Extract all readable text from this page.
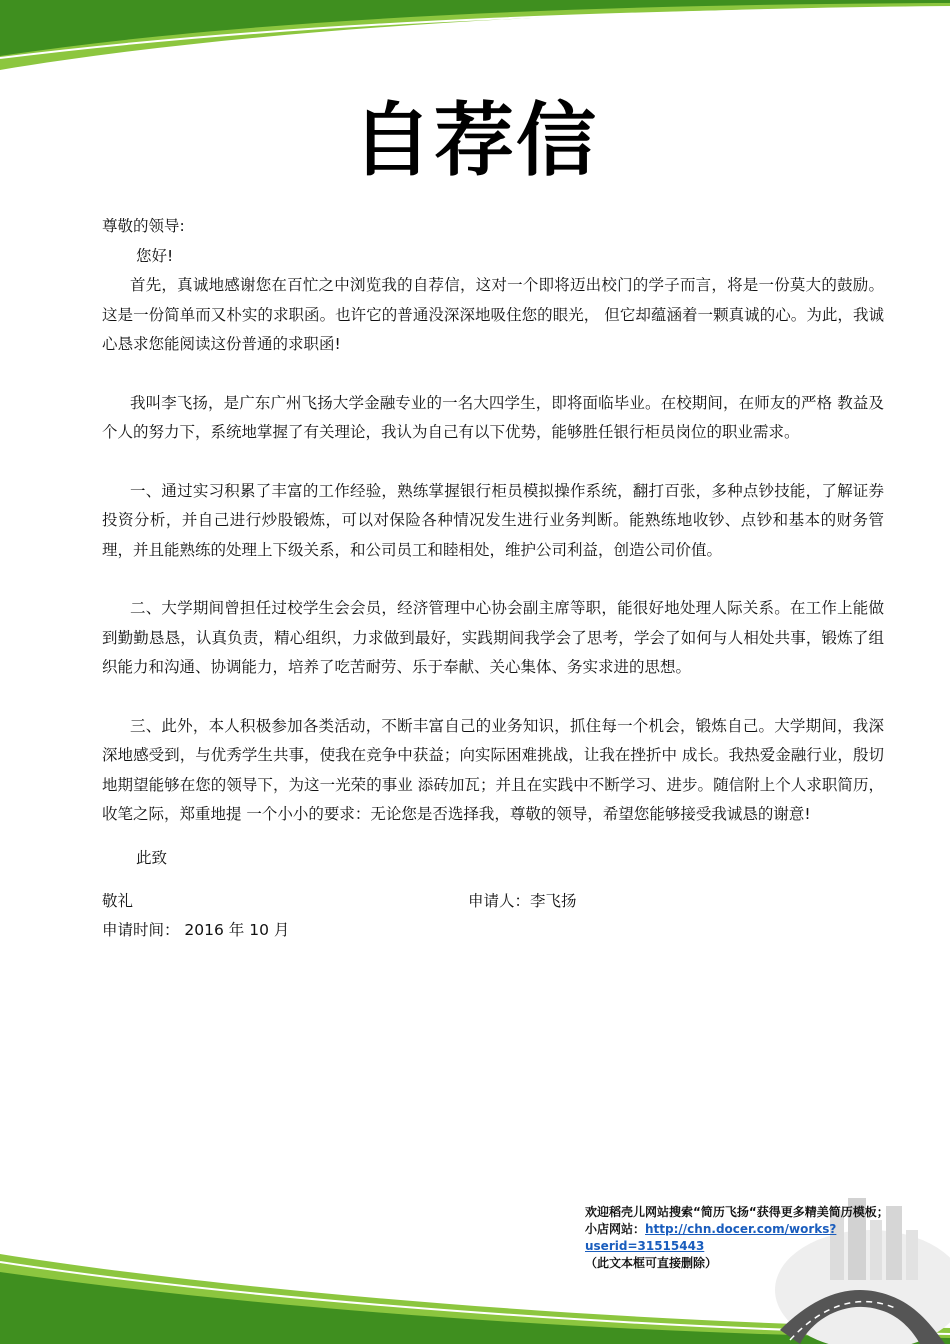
自荐信

尊敬的领导:

您好!

首先，真诚地感谢您在百忙之中浏览我的自荐信，这对一个即将迈出校门的学子而言，将是一份莫大的鼓励。这是一份简单而又朴实的求职函。也许它的普通没深深地吸住您的眼光， 但它却蕴涵着一颗真诚的心。为此，我诚心恳求您能阅读这份普通的求职函!

我叫李飞扬，是广东广州飞扬大学金融专业的一名大四学生，即将面临毕业。在校期间，在师友的严格 教益及个人的努力下，系统地掌握了有关理论，我认为自己有以下优势，能够胜任银行柜员岗位的职业需求。

一、通过实习积累了丰富的工作经验，熟练掌握银行柜员模拟操作系统，翻打百张，多种点钞技能，了解证券投资分析，并自己进行炒股锻炼，可以对保险各种情况发生进行业务判断。能熟练地收钞、点钞和基本的财务管理，并且能熟练的处理上下级关系，和公司员工和睦相处，维护公司利益，创造公司价值。

二、大学期间曾担任过校学生会会员，经济管理中心协会副主席等职，能很好地处理人际关系。在工作上能做到勤勤恳恳，认真负责，精心组织，力求做到最好，实践期间我学会了思考，学会了如何与人相处共事，锻炼了组织能力和沟通、协调能力，培养了吃苦耐劳、乐于奉献、关心集体、务实求进的思想。

三、此外，本人积极参加各类活动，不断丰富自己的业务知识，抓住每一个机会，锻炼自己。大学期间，我深深地感受到，与优秀学生共事，使我在竞争中获益；向实际困难挑战，让我在挫折中 成长。我热爱金融行业，殷切地期望能够在您的领导下，为这一光荣的事业 添砖加瓦；并且在实践中不断学习、进步。随信附上个人求职简历，收笔之际，郑重地提 一个小小的要求：无论您是否选择我，尊敬的领导，希望您能够接受我诚恳的谢意!

此致

敬礼	申请人：李飞扬

申请时间： 2016 年 10 月

欢迎稻壳儿网站搜索“简历飞扬“获得更多精美简历模板；
小店网站：http://chn.docer.com/works?userid=31515443
（此文本框可直接删除）
